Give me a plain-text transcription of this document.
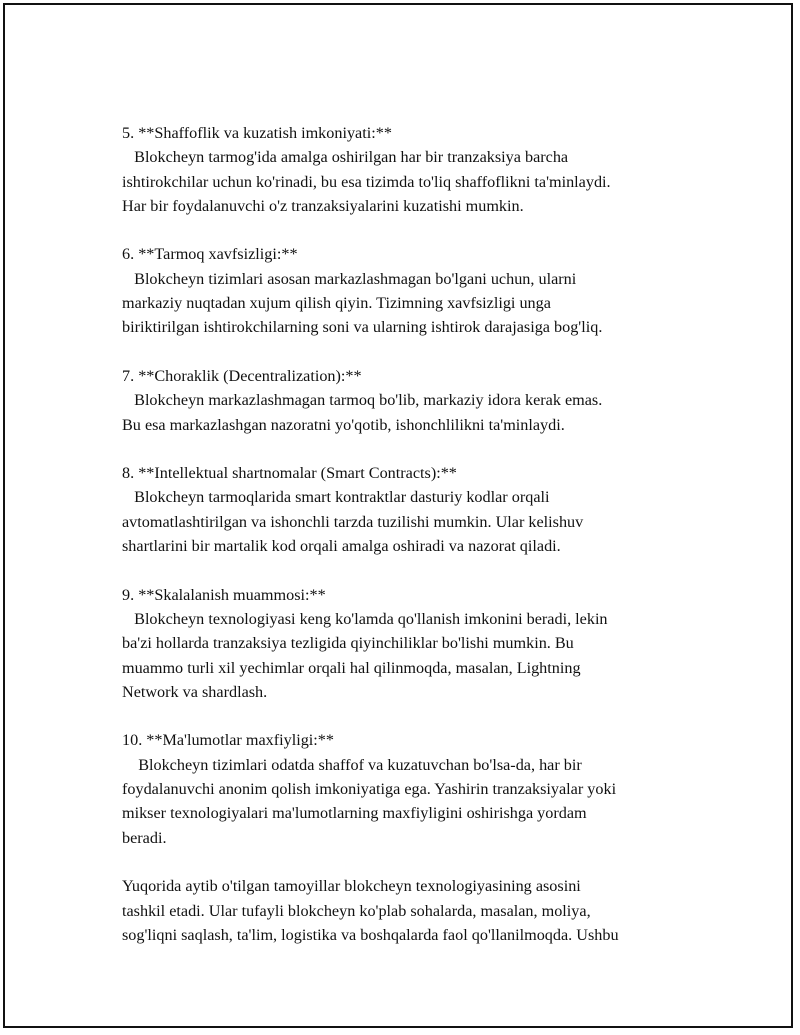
5. **Shaffoflik va kuzatish imkoniyati:**
Blokcheyn tarmog'ida amalga oshirilgan har bir tranzaksiya barcha
ishtirokchilar uchun ko'rinadi, bu esa tizimda to'liq shaffoflikni ta'minlaydi.
Har bir foydalanuvchi o'z tranzaksiyalarini kuzatishi mumkin.
6. **Tarmoq xavfsizligi:**
Blokcheyn tizimlari asosan markazlashmagan bo'lgani uchun, ularni
markaziy nuqtadan xujum qilish qiyin. Tizimning xavfsizligi unga
biriktirilgan ishtirokchilarning soni va ularning ishtirok darajasiga bog'liq.
7. **Choraklik (Decentralization):**
Blokcheyn markazlashmagan tarmoq bo'lib, markaziy idora kerak emas.
Bu esa markazlashgan nazoratni yo'qotib, ishonchlilikni ta'minlaydi.
8. **Intellektual shartnomalar (Smart Contracts):**
Blokcheyn tarmoqlarida smart kontraktlar dasturiy kodlar orqali
avtomatlashtirilgan va ishonchli tarzda tuzilishi mumkin. Ular kelishuv
shartlarini bir martalik kod orqali amalga oshiradi va nazorat qiladi.
9. **Skalalanish muammosi:**
Blokcheyn texnologiyasi keng ko'lamda qo'llanish imkonini beradi, lekin
ba'zi hollarda tranzaksiya tezligida qiyinchiliklar bo'lishi mumkin. Bu
muammo turli xil yechimlar orqali hal qilinmoqda, masalan, Lightning
Network va shardlash.
10. **Ma'lumotlar maxfiyligi:**
Blokcheyn tizimlari odatda shaffof va kuzatuvchan bo'lsa-da, har bir
foydalanuvchi anonim qolish imkoniyatiga ega. Yashirin tranzaksiyalar yoki
mikser texnologiyalari ma'lumotlarning maxfiyligini oshirishga yordam
beradi.
Yuqorida aytib o'tilgan tamoyillar blokcheyn texnologiyasining asosini
tashkil etadi. Ular tufayli blokcheyn ko'plab sohalarda, masalan, moliya,
sog'liqni saqlash, ta'lim, logistika va boshqalarda faol qo'llanilmoqda. Ushbu
